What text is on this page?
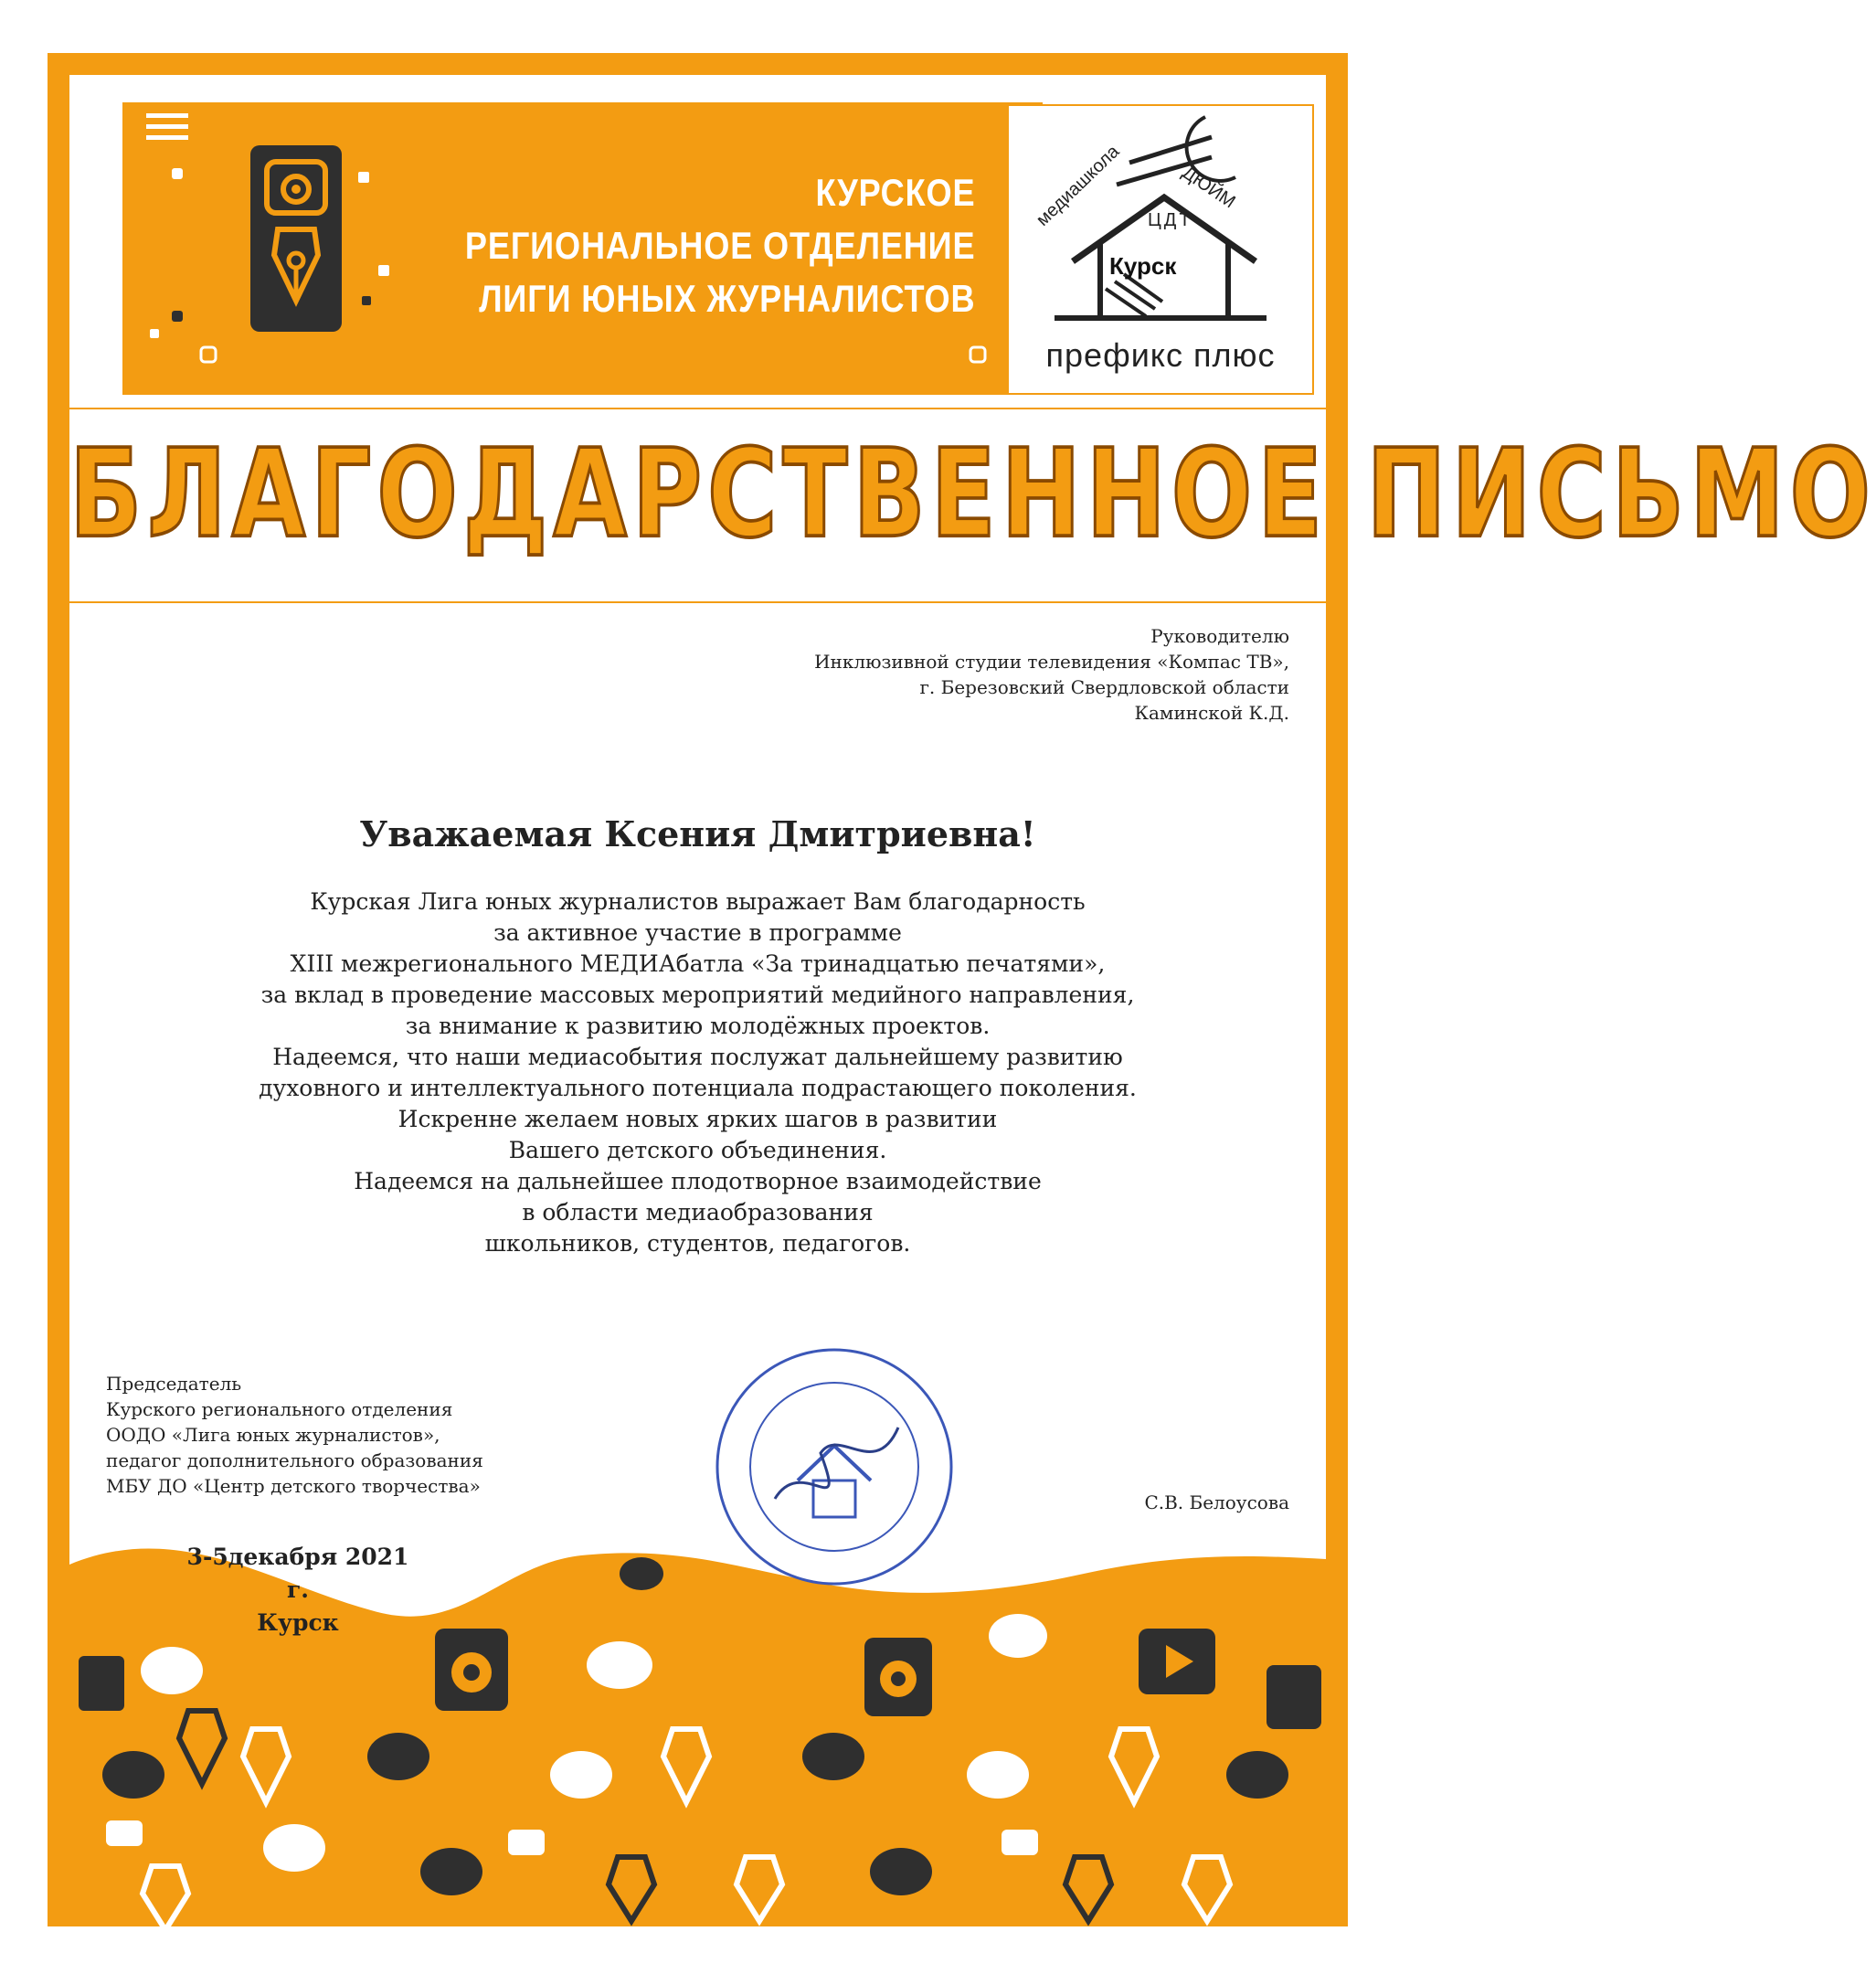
КУРСКОЕ
РЕГИОНАЛЬНОЕ ОТДЕЛЕНИЕ
ЛИГИ ЮНЫХ ЖУРНАЛИСТОВ
медиашкола	ДЮЙМ
ЦДТ
Курск
префикс плюс
БЛАГОДАРСТВЕННОЕ ПИСЬМО
Руководителю
Инклюзивной студии телевидения «Компас ТВ»,
г. Березовский Свердловской области
Каминской К.Д.
Уважаемая Ксения Дмитриевна!
Курская Лига юных журналистов выражает Вам благодарность
за активное участие в программе
XIII межрегионального МЕДИАбатла «За тринадцатью печатями»,
за вклад в проведение массовых мероприятий медийного направления,
за внимание к развитию молодёжных проектов.
Надеемся, что наши медиасобытия послужат дальнейшему развитию
духовного и интеллектуального потенциала подрастающего поколения.
Искренне желаем новых ярких шагов в развитии
Вашего детского объединения.
Надеемся на дальнейшее плодотворное взаимодействие
в области медиаобразования
школьников, студентов, педагогов.
3-5декабря 2021 г.
Курск
Председатель
Курского регионального отделения
ООДО «Лига юных журналистов»,
педагог дополнительного образования
МБУ ДО «Центр детского творчества»
С.В. Белоусова
